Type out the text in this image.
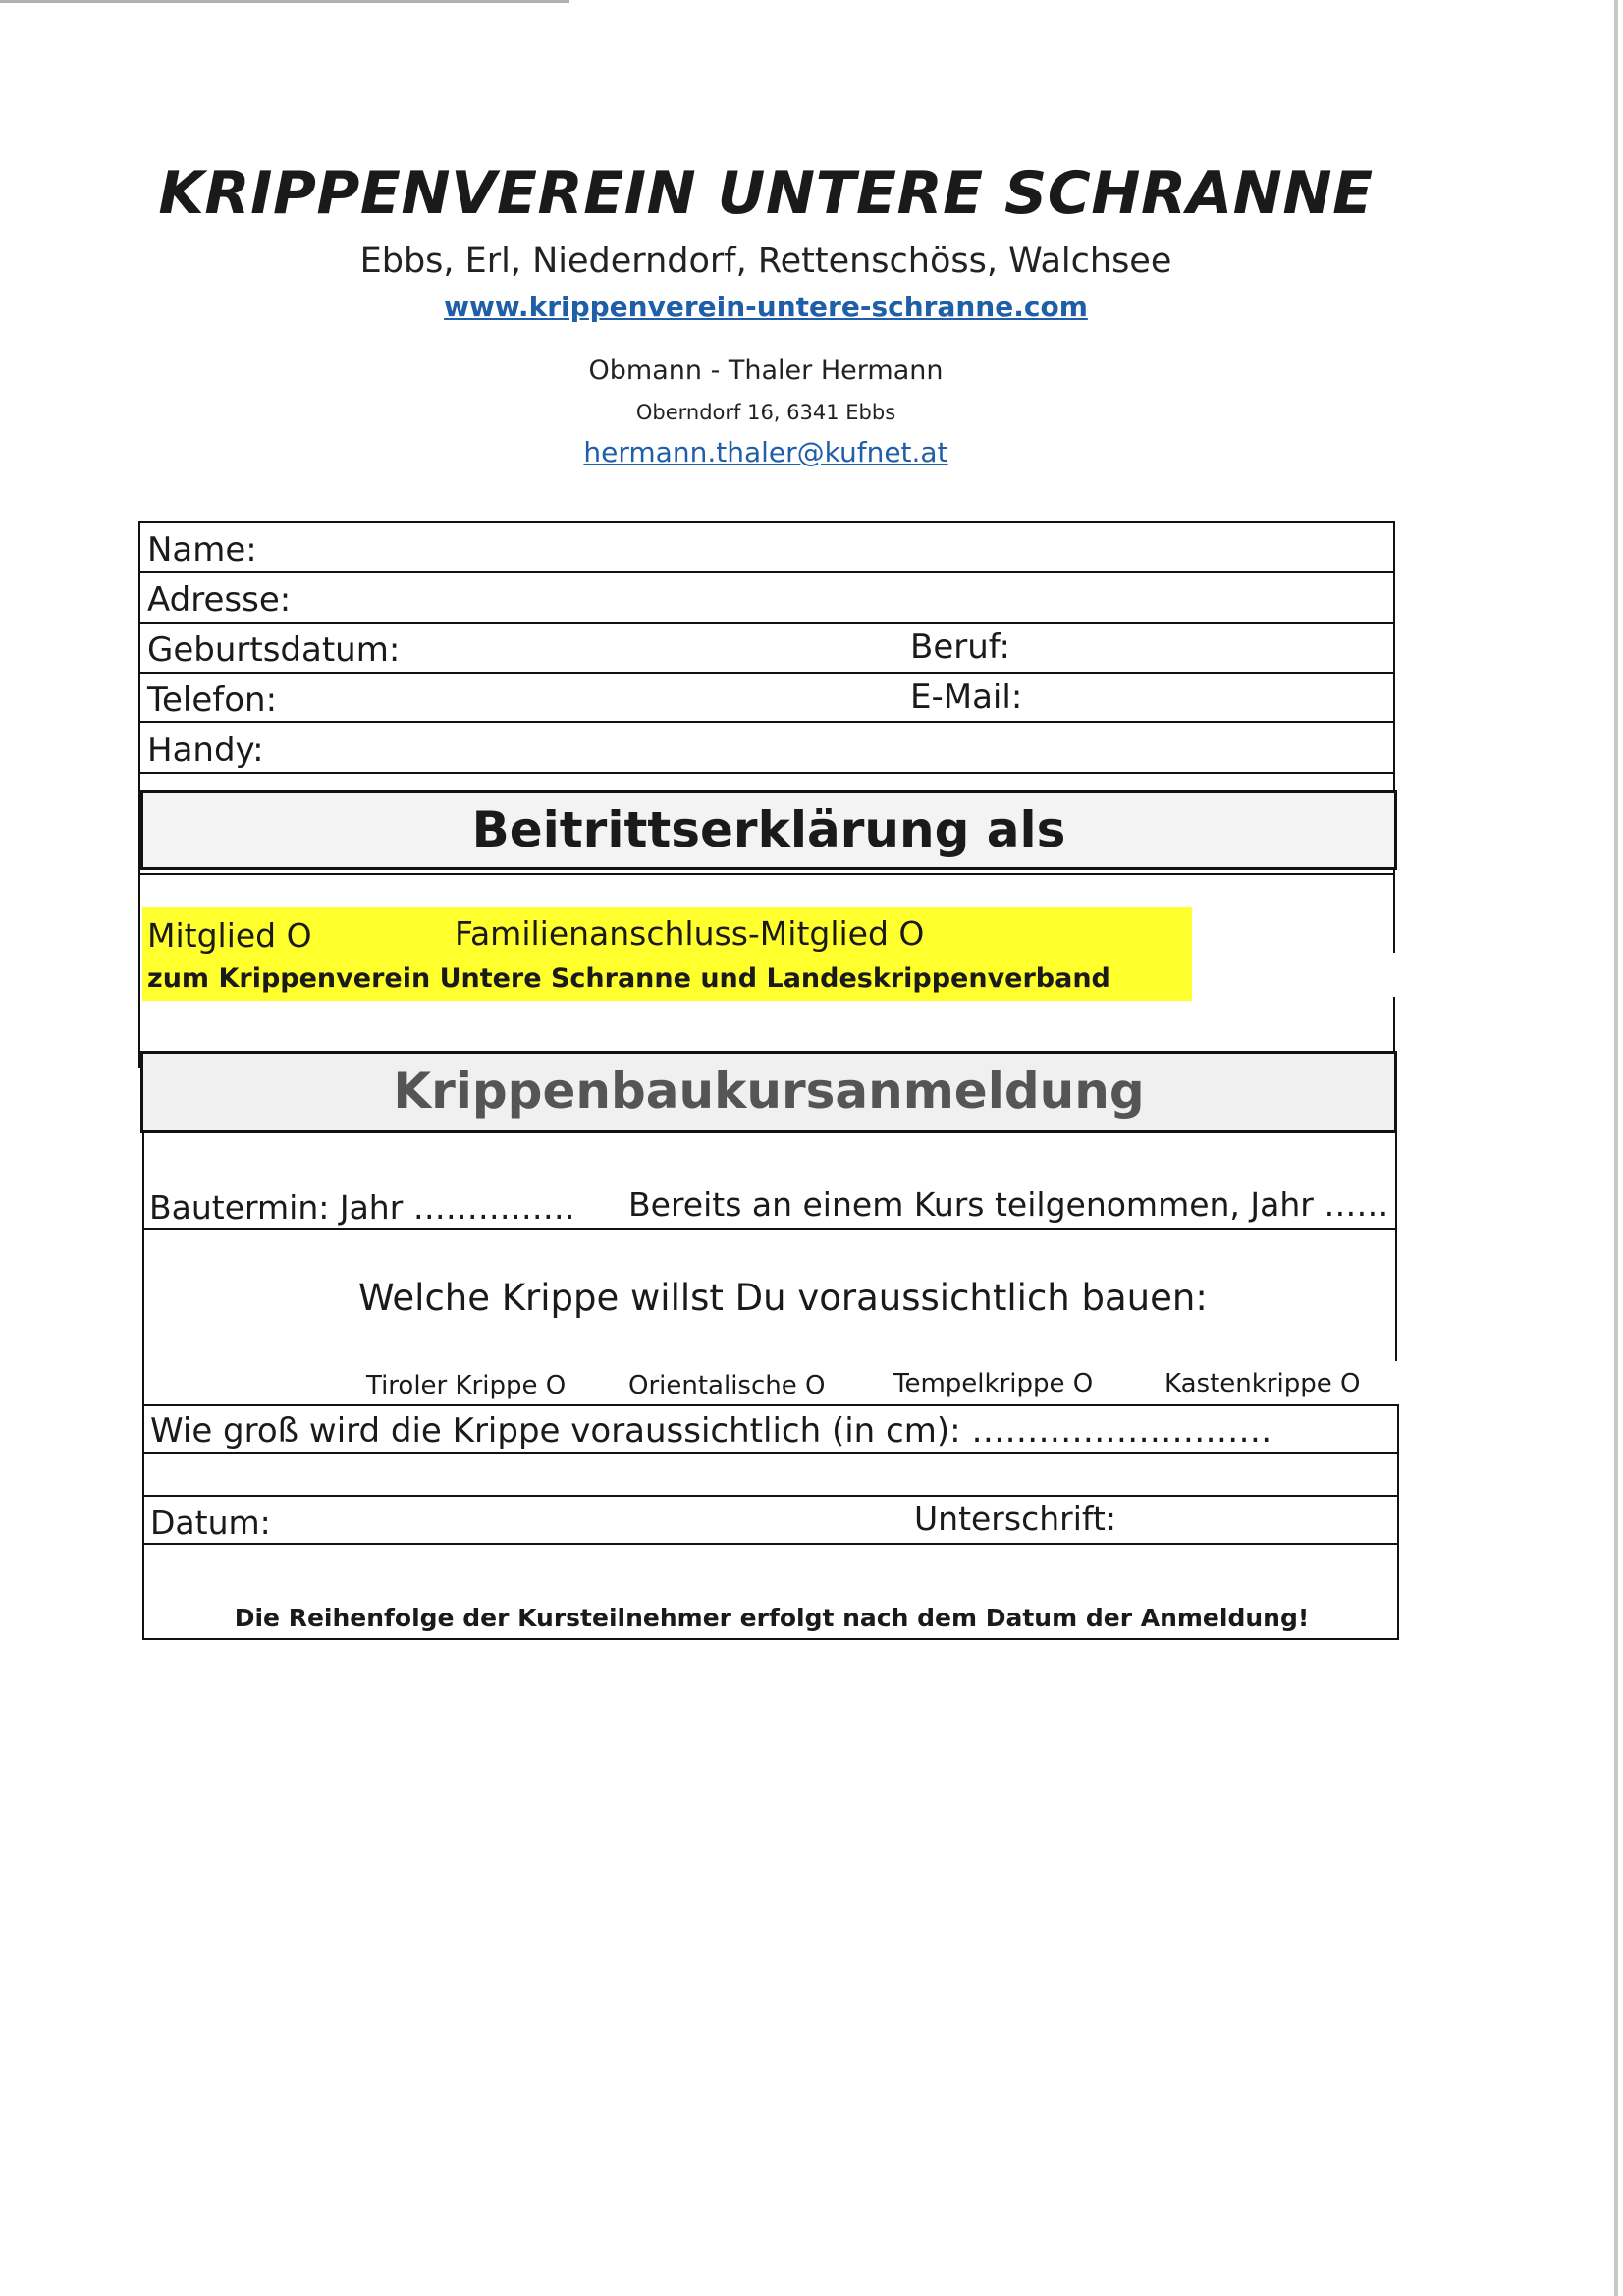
KRIPPENVEREIN UNTERE SCHRANNE
Ebbs, Erl, Niederndorf, Rettenschöss, Walchsee
www.krippenverein-untere-schranne.com
Obmann - Thaler Hermann
Oberndorf 16, 6341 Ebbs
hermann.thaler@kufnet.at
Name:
Adresse:
Geburtsdatum:	Beruf:
Telefon:	E-Mail:
Handy:
Beitrittserklärung als
Mitglied O	Familienanschluss-Mitglied O
zum Krippenverein Untere Schranne und Landeskrippenverband
Krippenbaukursanmeldung
Bautermin: Jahr …………… Bereits an einem Kurs teilgenommen, Jahr ……
Welche Krippe willst Du voraussichtlich bauen:
Tiroler Krippe O Orientalische O	Tempelkrippe O	Kastenkrippe O
Wie groß wird die Krippe voraussichtlich (in cm): ………………………
Datum:	Unterschrift:
Die Reihenfolge der Kursteilnehmer erfolgt nach dem Datum der Anmeldung!
